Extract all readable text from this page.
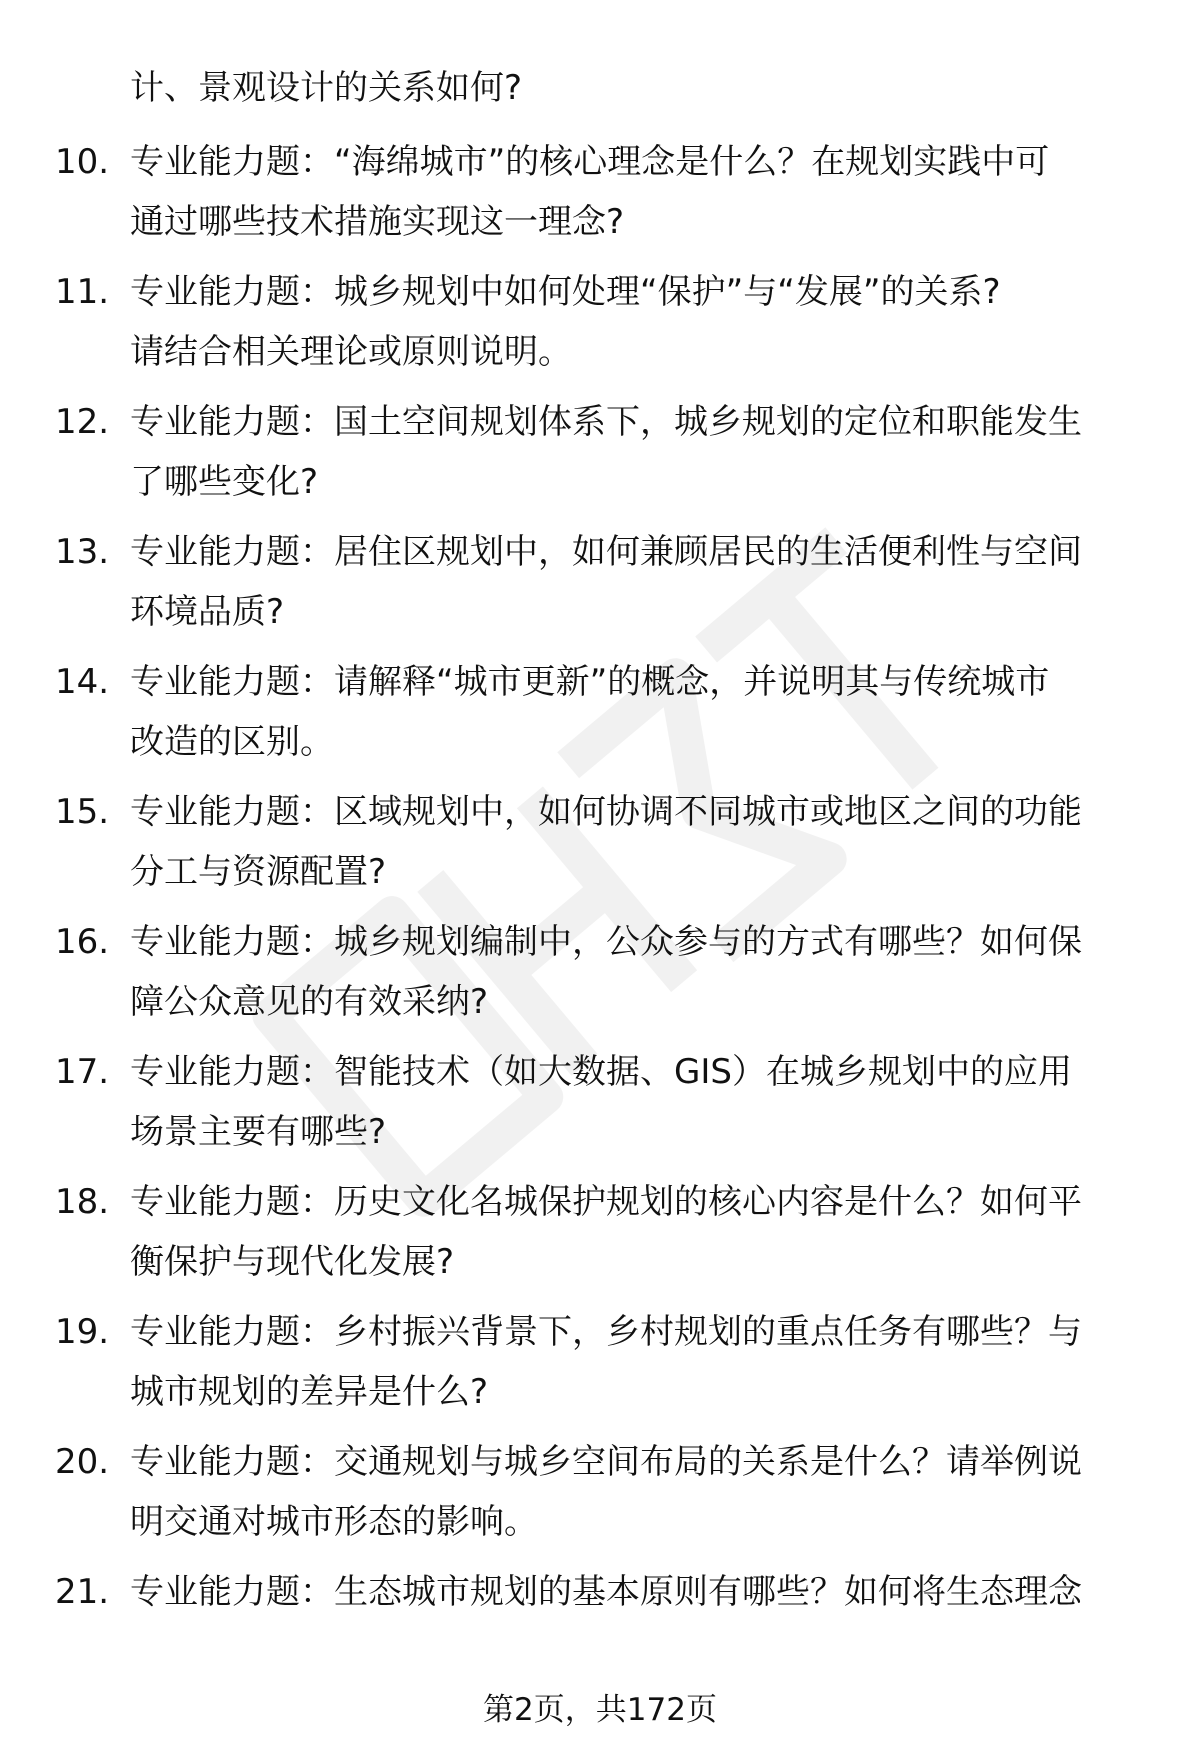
计、景观设计的关系如何?
10. 专业能力题：“海绵城市”的核心理念是什么？在规划实践中可
通过哪些技术措施实现这一理念?
11. 专业能力题：城乡规划中如何处理“保护”与“发展”的关系?
请结合相关理论或原则说明。
12. 专业能力题：国土空间规划体系下，城乡规划的定位和职能发生
了哪些变化?
13. 专业能力题：居住区规划中，如何兼顾居民的生活便利性与空间
环境品质?
14. 专业能力题：请解释“城市更新”的概念，并说明其与传统城市
改造的区别。
15. 专业能力题：区域规划中，如何协调不同城市或地区之间的功能
分工与资源配置?
16. 专业能力题：城乡规划编制中，公众参与的方式有哪些？如何保
障公众意见的有效采纳?
17. 专业能力题：智能技术（如大数据、GIS）在城乡规划中的应用
场景主要有哪些?
18. 专业能力题：历史文化名城保护规划的核心内容是什么？如何平
衡保护与现代化发展?
19. 专业能力题：乡村振兴背景下，乡村规划的重点任务有哪些？与
城市规划的差异是什么?
20. 专业能力题：交通规划与城乡空间布局的关系是什么？请举例说
明交通对城市形态的影响。
21. 专业能力题：生态城市规划的基本原则有哪些？如何将生态理念
第2页，共172页
